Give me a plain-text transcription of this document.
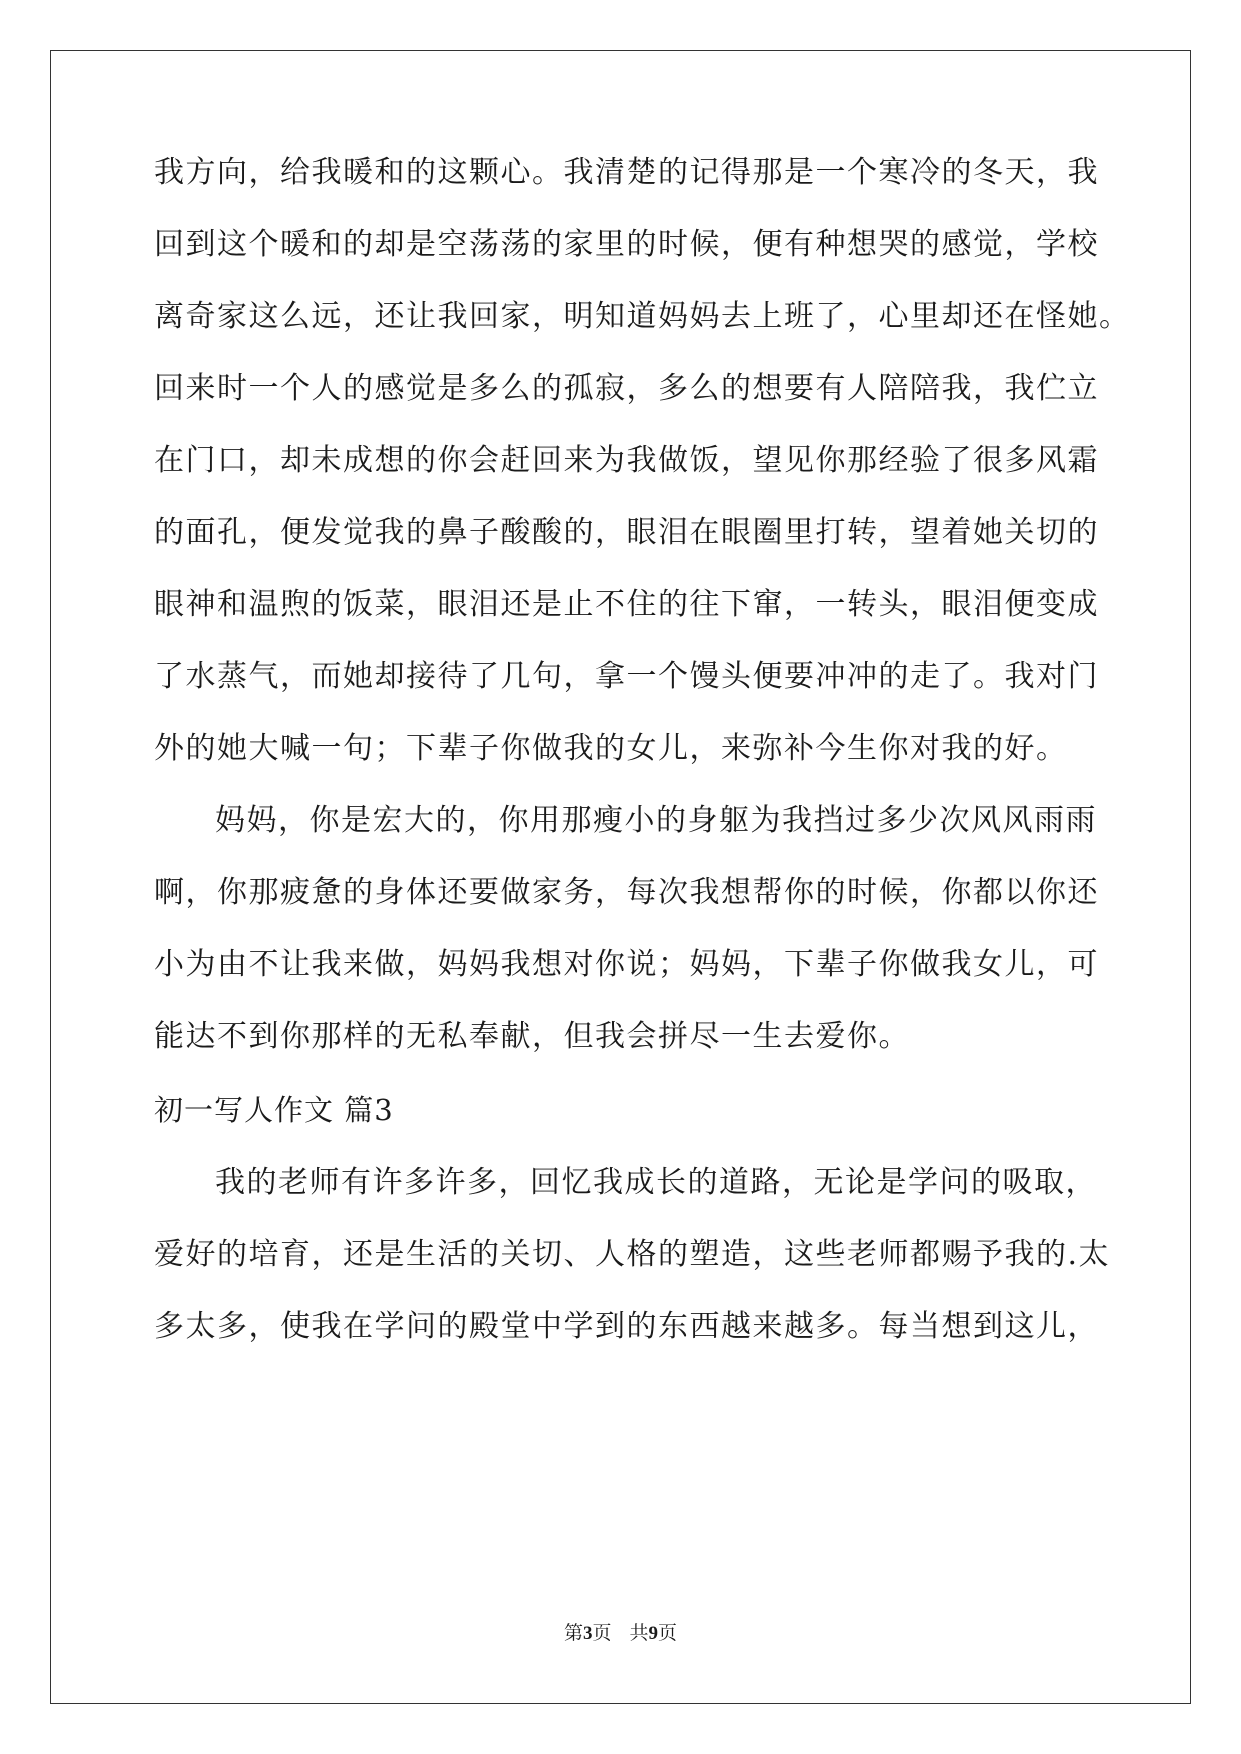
我方向，给我暖和的这颗心。我清楚的记得那是一个寒冷的冬天，我
回到这个暖和的却是空荡荡的家里的时候，便有种想哭的感觉，学校
离奇家这么远，还让我回家，明知道妈妈去上班了，心里却还在怪她。
回来时一个人的感觉是多么的孤寂，多么的想要有人陪陪我，我伫立
在门口，却未成想的你会赶回来为我做饭，望见你那经验了很多风霜
的面孔，便发觉我的鼻子酸酸的，眼泪在眼圈里打转，望着她关切的
眼神和温煦的饭菜，眼泪还是止不住的往下窜，一转头，眼泪便变成
了水蒸气，而她却接待了几句，拿一个馒头便要冲冲的走了。我对门
外的她大喊一句；下辈子你做我的女儿，来弥补今生你对我的好。
妈妈，你是宏大的，你用那瘦小的身躯为我挡过多少次风风雨雨
啊，你那疲惫的身体还要做家务，每次我想帮你的时候，你都以你还
小为由不让我来做，妈妈我想对你说；妈妈，下辈子你做我女儿，可
能达不到你那样的无私奉献，但我会拼尽一生去爱你。
初一写人作文 篇3
我的老师有许多许多，回忆我成长的道路，无论是学问的吸取，
爱好的培育，还是生活的关切、人格的塑造，这些老师都赐予我的.太
多太多，使我在学问的殿堂中学到的东西越来越多。每当想到这儿，
第3页 共9页
